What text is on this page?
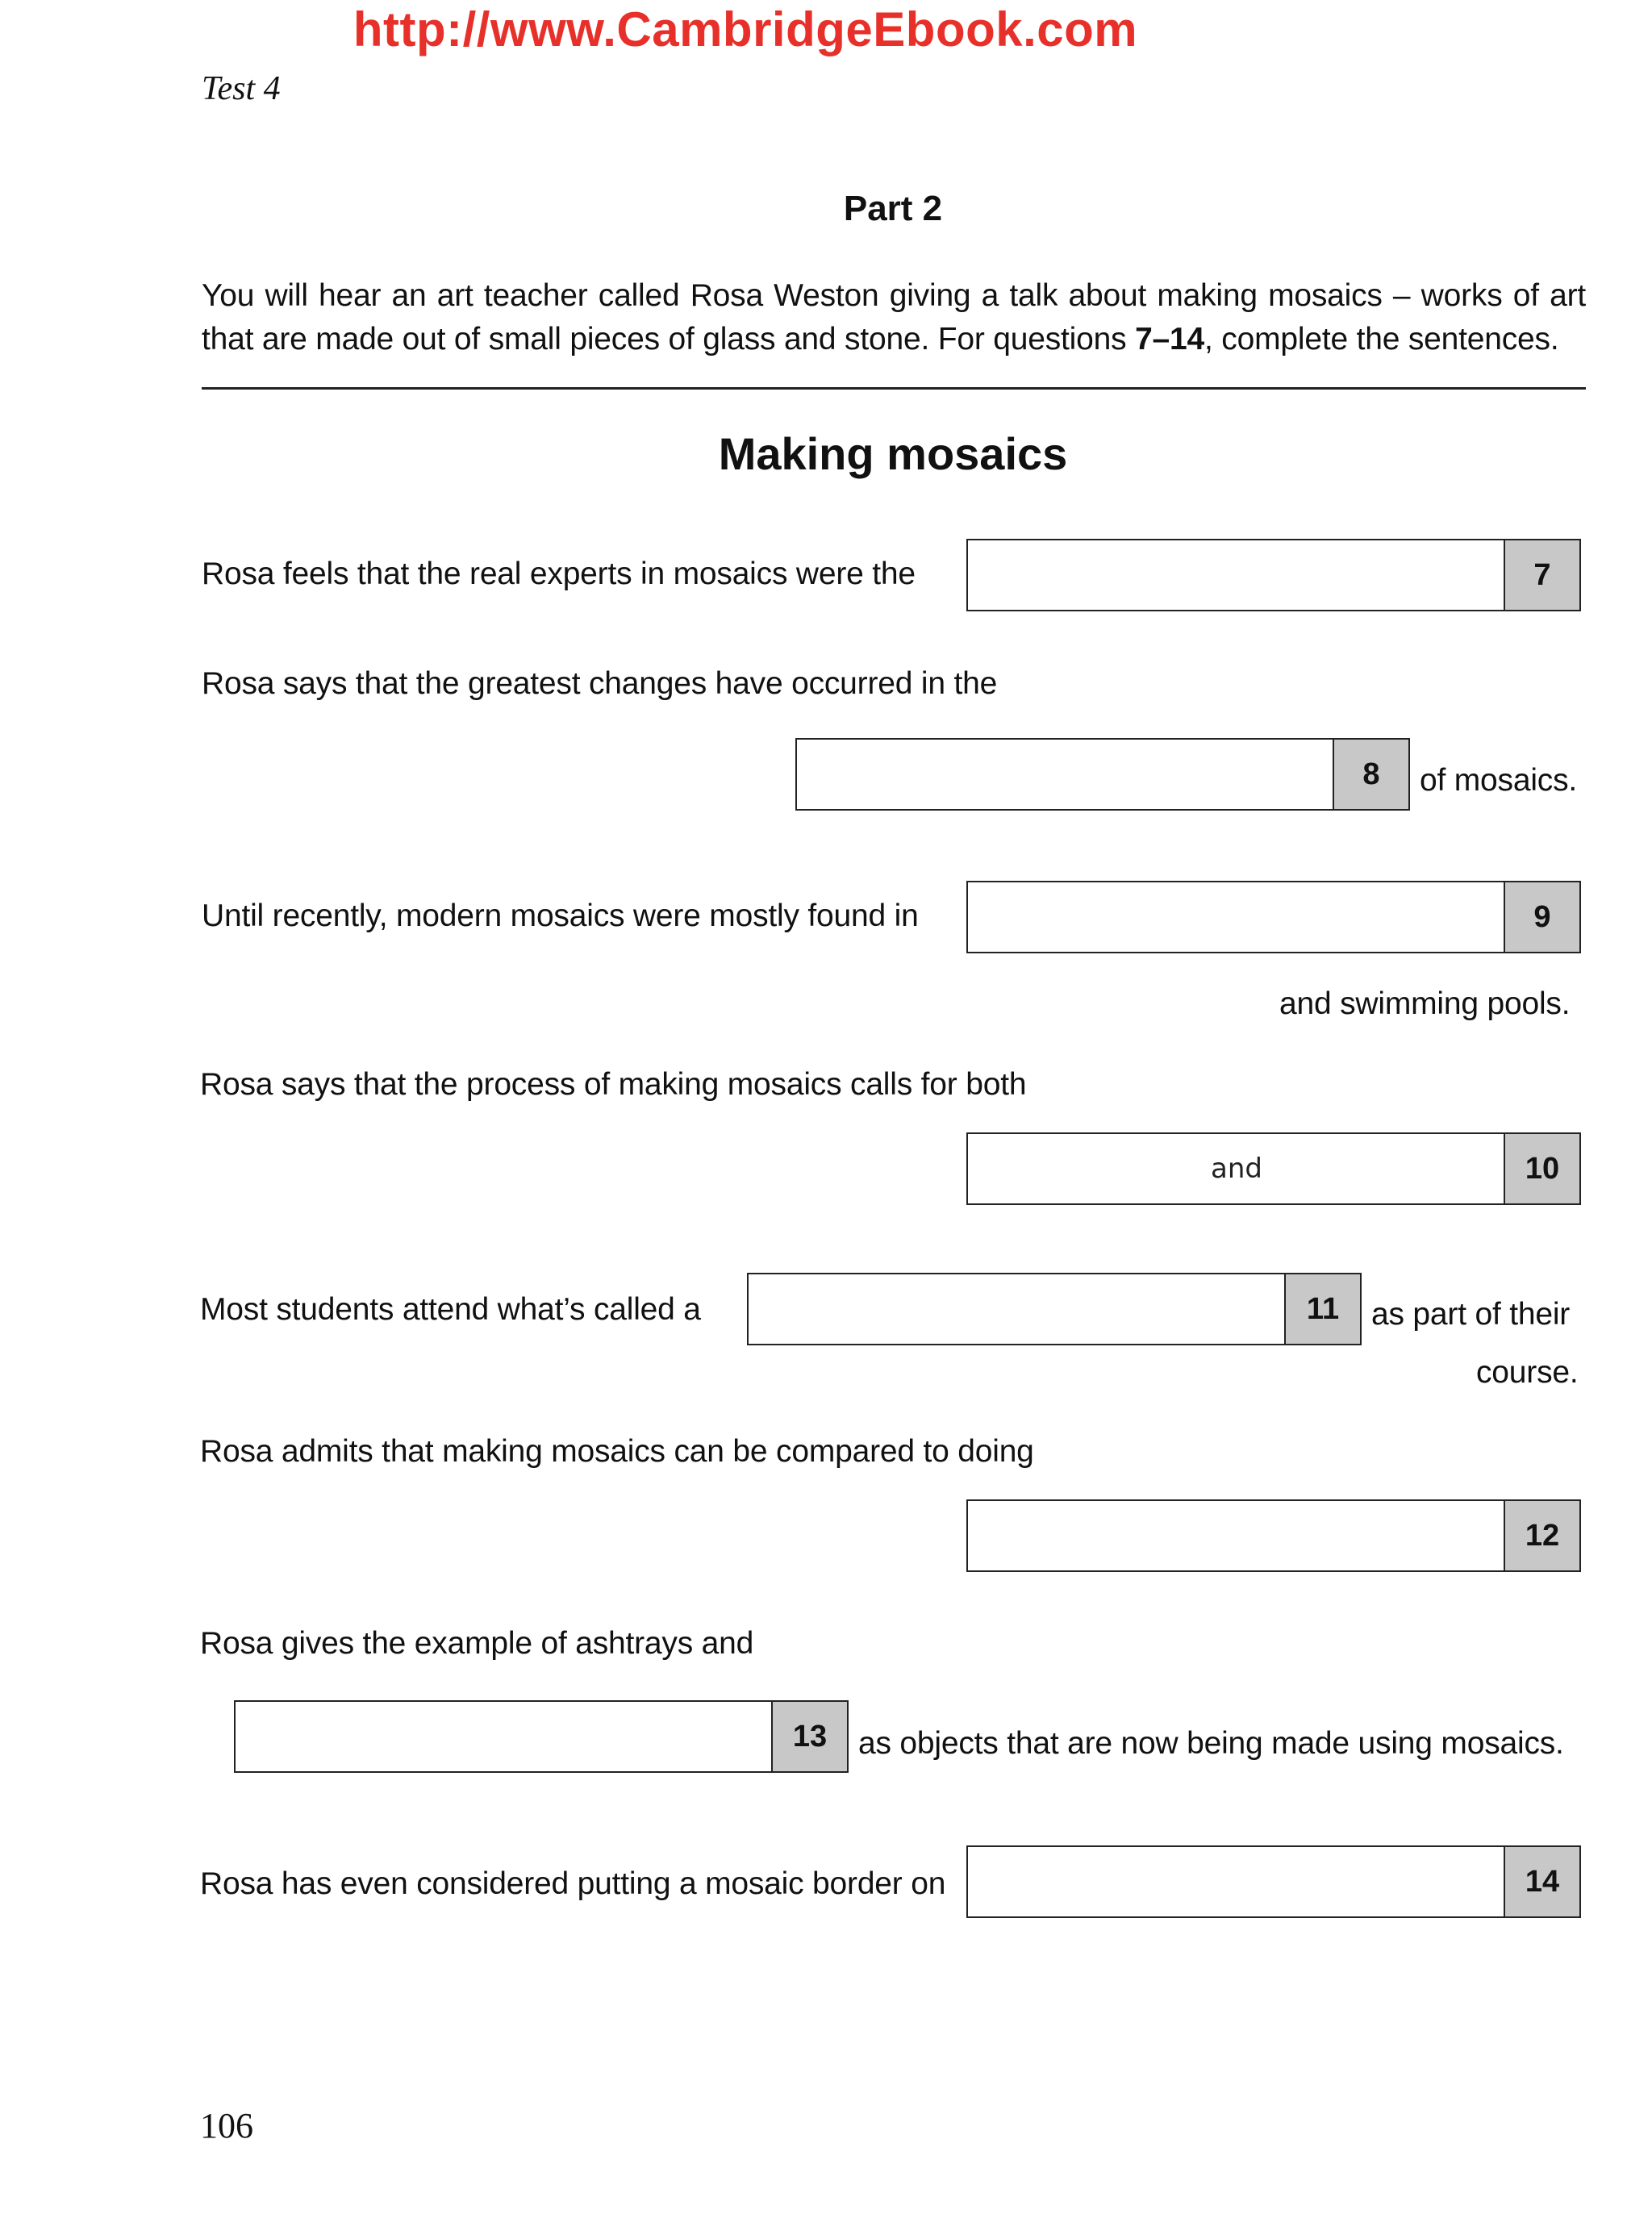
http://www.CambridgeEbook.com
Test 4
Part 2
You will hear an art teacher called Rosa Weston giving a talk about making mosaics – works of art that are made out of small pieces of glass and stone. For questions 7–14, complete the sentences.
Making mosaics
Rosa feels that the real experts in mosaics were the	7
Rosa says that the greatest changes have occurred in the
8	of mosaics.
Until recently, modern mosaics were mostly found in	9
and swimming pools.
Rosa says that the process of making mosaics calls for both
and	10
Most students attend what’s called a	11	as part of their
course.
Rosa admits that making mosaics can be compared to doing
12
Rosa gives the example of ashtrays and
13 as objects that are now being made using mosaics.
Rosa has even considered putting a mosaic border on	14
106
